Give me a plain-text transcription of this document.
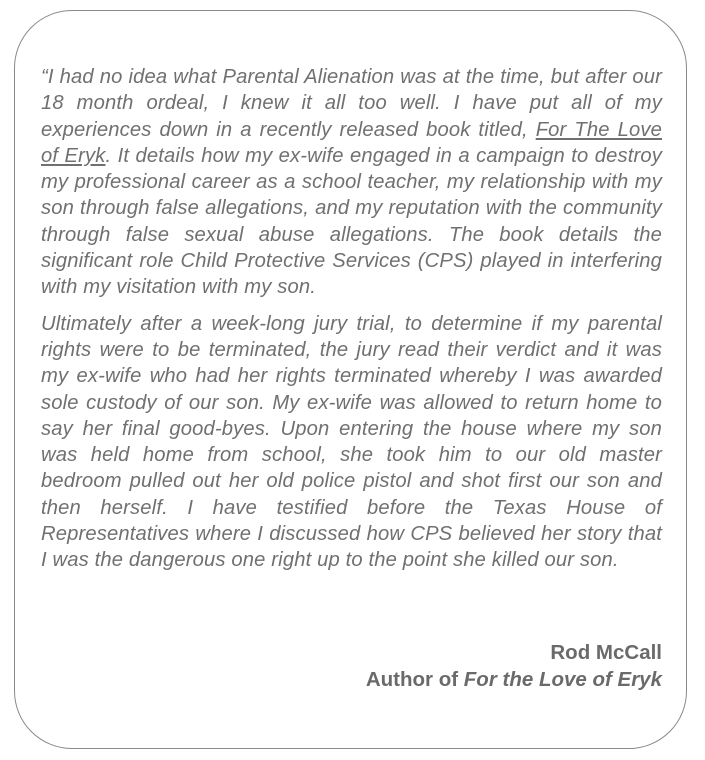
“I had no idea what Parental Alienation was at the time, but after our 18 month ordeal, I knew it all too well. I have put all of my experiences down in a recently released book titled, For The Love of Eryk. It details how my ex-wife engaged in a campaign to destroy my professional career as a school teacher, my relationship with my son through false allegations, and my reputation with the community through false sexual abuse allegations. The book details the significant role Child Protective Services (CPS) played in interfering with my visitation with my son.

Ultimately after a week-long jury trial, to determine if my parental rights were to be terminated, the jury read their verdict and it was my ex-wife who had her rights terminated whereby I was awarded sole custody of our son. My ex-wife was allowed to return home to say her final good-byes. Upon entering the house where my son was held home from school, she took him to our old master bedroom pulled out her old police pistol and shot first our son and then herself. I have testified before the Texas House of Representatives where I discussed how CPS believed her story that I was the dangerous one right up to the point she killed our son.

Rod McCall
Author of For the Love of Eryk
